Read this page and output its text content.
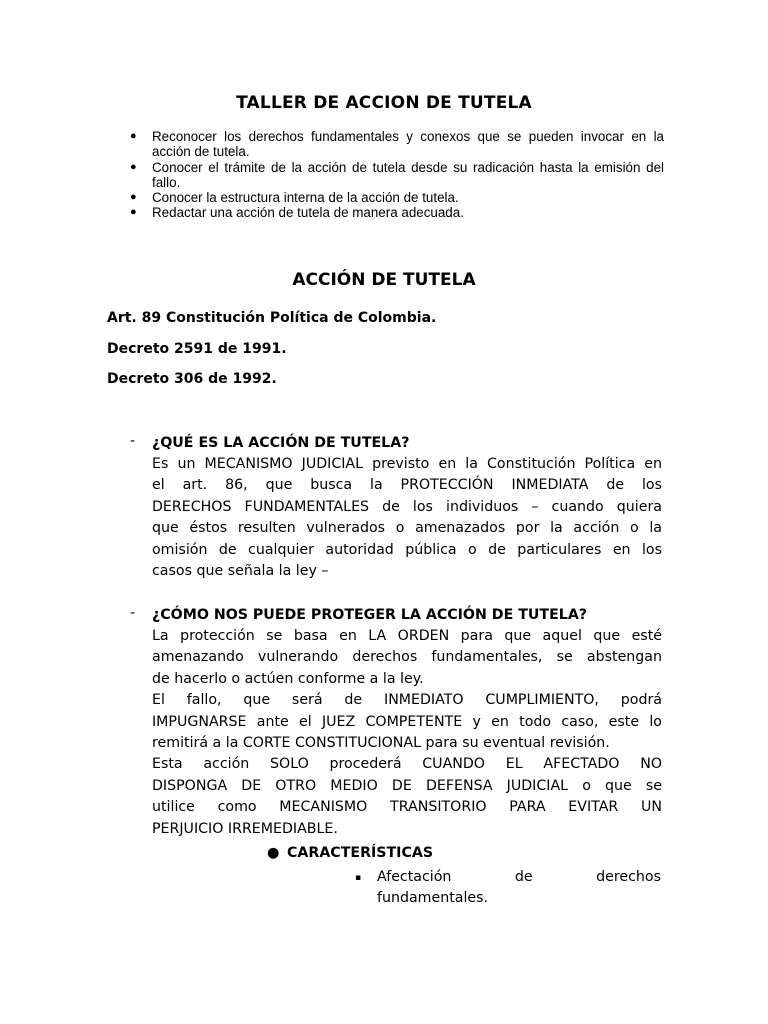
TALLER DE ACCION DE TUTELA
● Reconocer los derechos fundamentales y conexos que se pueden invocar en la acción de tutela.
● Conocer el trámite de la acción de tutela desde su radicación hasta la emisión del fallo.
● Conocer la estructura interna de la acción de tutela.
● Redactar una acción de tutela de manera adecuada.
ACCIÓN DE TUTELA
Art. 89 Constitución Política de Colombia.
Decreto 2591 de 1991.
Decreto 306 de 1992.
- ¿QUÉ ES LA ACCIÓN DE TUTELA?
Es un MECANISMO JUDICIAL previsto en la Constitución Política en
el art. 86, que busca la PROTECCIÓN INMEDIATA de los
DERECHOS FUNDAMENTALES de los individuos – cuando quiera
que éstos resulten vulnerados o amenazados por la acción o la
omisión de cualquier autoridad pública o de particulares en los
casos que señala la ley –
- ¿CÓMO NOS PUEDE PROTEGER LA ACCIÓN DE TUTELA?
La protección se basa en LA ORDEN para que aquel que esté
amenazando vulnerando derechos fundamentales, se abstengan
de hacerlo o actúen conforme a la ley.
El fallo, que será de INMEDIATO CUMPLIMIENTO, podrá
IMPUGNARSE ante el JUEZ COMPETENTE y en todo caso, este lo
remitirá a la CORTE CONSTITUCIONAL para su eventual revisión.
Esta acción SOLO procederá CUANDO EL AFECTADO NO
DISPONGA DE OTRO MEDIO DE DEFENSA JUDICIAL o que se
utilice como MECANISMO TRANSITORIO PARA EVITAR UN
PERJUICIO IRREMEDIABLE.
● CARACTERÍSTICAS
▪ Afectación de derechos
fundamentales.
